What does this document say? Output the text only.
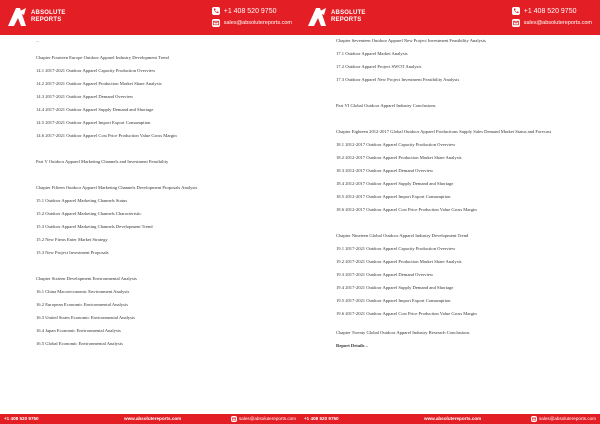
ABSOLUTE
REPORTS
+1 408 520 9750
sales@absolutereports.com
...
Chapter Fourteen Europe Outdoor Apparel Industry Development Trend
14.1 2017-2021 Outdoor Apparel Capacity Production Overview
14.2 2017-2021 Outdoor Apparel Production Market Share Analysis
14.3 2017-2021 Outdoor Apparel Demand Overview
14.4 2017-2021 Outdoor Apparel Supply Demand and Shortage
14.5 2017-2021 Outdoor Apparel Import Export Consumption
14.6 2017-2021 Outdoor Apparel Cost Price Production Value Gross Margin
Part V Outdoor Apparel Marketing Channels and Investment Feasibility
Chapter Fifteen Outdoor Apparel Marketing Channels Development Proposals Analysis
15.1 Outdoor Apparel Marketing Channels Status
15.2 Outdoor Apparel Marketing Channels Characteristic
15.3 Outdoor Apparel Marketing Channels Development Trend
15.2 New Firms Enter Market Strategy
15.3 New Project Investment Proposals
Chapter Sixteen Development Environmental Analysis
16.1 China Macroeconomic Environment Analysis
16.2 European Economic Environmental Analysis
16.3 United States Economic Environmental Analysis
16.4 Japan Economic Environmental Analysis
16.5 Global Economic Environmental Analysis
+1 408 520 9750	www.absolutereports.com	sales@absolutereports.com
ABSOLUTE
REPORTS
+1 408 520 9750
sales@absolutereports.com
Chapter Seventeen Outdoor Apparel New Project Investment Feasibility Analysis
17.1 Outdoor Apparel Market Analysis
17.2 Outdoor Apparel Project SWOT Analysis
17.3 Outdoor Apparel New Project Investment Feasibility Analysis
Part VI Global Outdoor Apparel Industry Conclusions
Chapter Eighteen 2012-2017 Global Outdoor Apparel Productions Supply Sales Demand Market Status and Forecast
18.1 2012-2017 Outdoor Apparel Capacity Production Overview
18.2 2012-2017 Outdoor Apparel Production Market Share Analysis
18.3 2012-2017 Outdoor Apparel Demand Overview
18.4 2012-2017 Outdoor Apparel Supply Demand and Shortage
18.5 2012-2017 Outdoor Apparel Import Export Consumption
18.6 2012-2017 Outdoor Apparel Cost Price Production Value Gross Margin
Chapter Nineteen Global Outdoor Apparel Industry Development Trend
19.1 2017-2021 Outdoor Apparel Capacity Production Overview
19.2 2017-2021 Outdoor Apparel Production Market Share Analysis
19.3 2017-2021 Outdoor Apparel Demand Overview
19.4 2017-2021 Outdoor Apparel Supply Demand and Shortage
19.5 2017-2021 Outdoor Apparel Import Export Consumption
19.6 2017-2021 Outdoor Apparel Cost Price Production Value Gross Margin
Chapter Twenty Global Outdoor Apparel Industry Research Conclusions
Report Details –
+1 408 520 9750	www.absolutereports.com	sales@absolutereports.com
